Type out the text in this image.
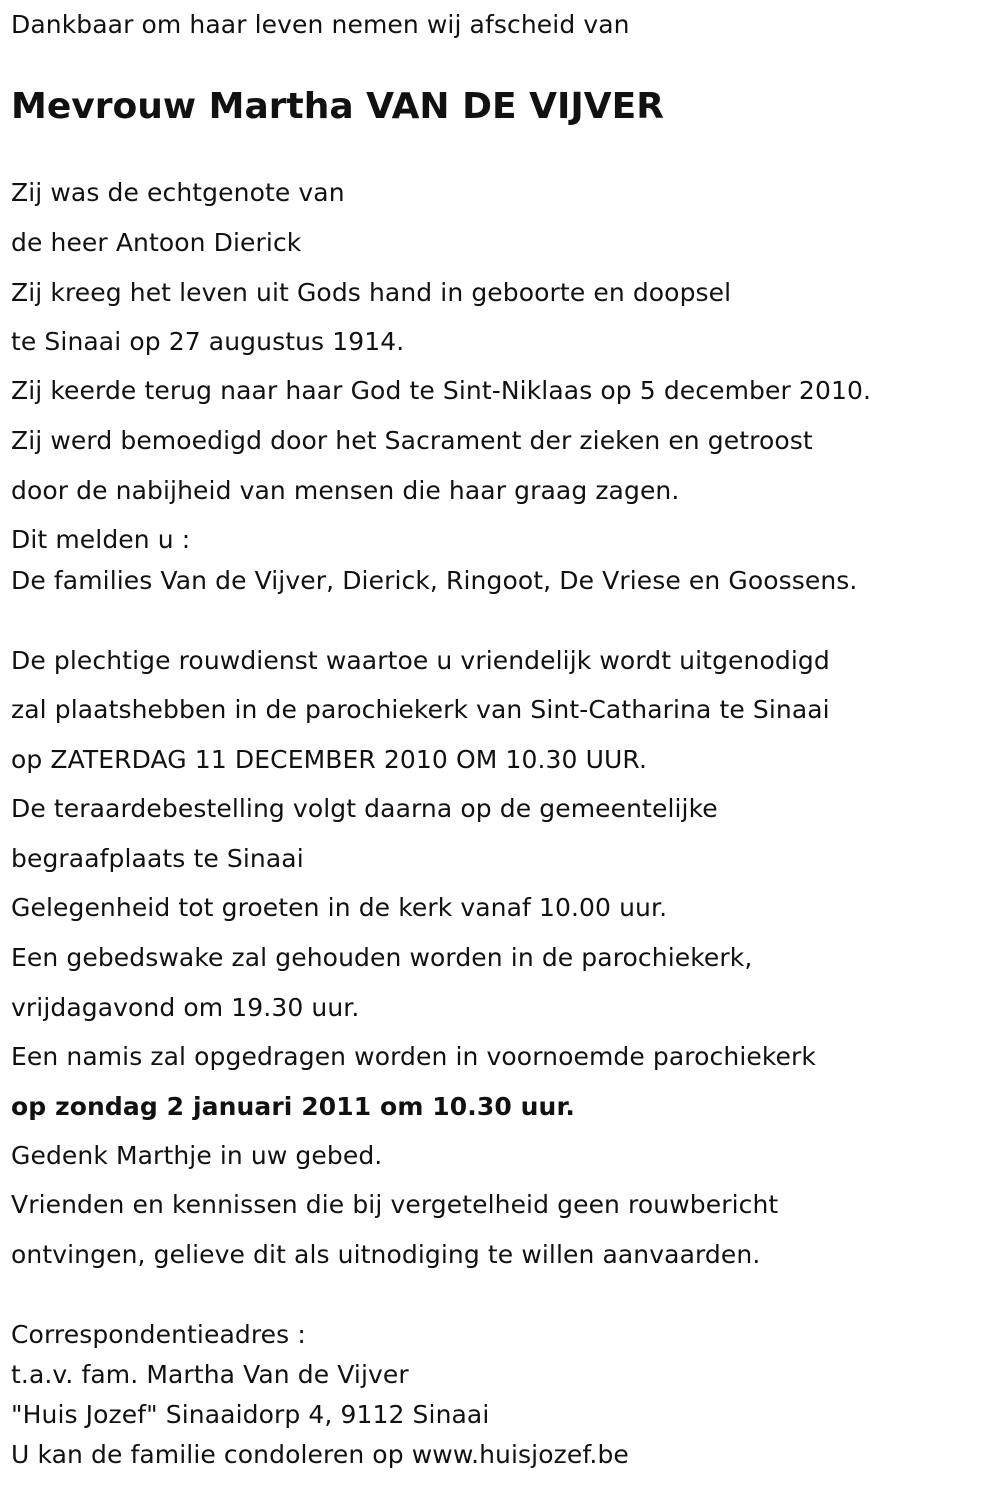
Dankbaar om haar leven nemen wij afscheid van
Mevrouw Martha VAN DE VIJVER
Zij was de echtgenote van
de heer Antoon Dierick
Zij kreeg het leven uit Gods hand in geboorte en doopsel
te Sinaai op 27 augustus 1914.
Zij keerde terug naar haar God te Sint-Niklaas op 5 december 2010.
Zij werd bemoedigd door het Sacrament der zieken en getroost
door de nabijheid van mensen die haar graag zagen.
Dit melden u :
De families Van de Vijver, Dierick, Ringoot, De Vriese en Goossens.
De plechtige rouwdienst waartoe u vriendelijk wordt uitgenodigd
zal plaatshebben in de parochiekerk van Sint-Catharina te Sinaai
op ZATERDAG 11 DECEMBER 2010 OM 10.30 UUR.
De teraardebestelling volgt daarna op de gemeentelijke
begraafplaats te Sinaai
Gelegenheid tot groeten in de kerk vanaf 10.00 uur.
Een gebedswake zal gehouden worden in de parochiekerk,
vrijdagavond om 19.30 uur.
Een namis zal opgedragen worden in voornoemde parochiekerk
op zondag 2 januari 2011 om 10.30 uur.
Gedenk Marthje in uw gebed.
Vrienden en kennissen die bij vergetelheid geen rouwbericht
ontvingen, gelieve dit als uitnodiging te willen aanvaarden.
Correspondentieadres :
t.a.v. fam. Martha Van de Vijver
"Huis Jozef" Sinaaidorp 4, 9112 Sinaai
U kan de familie condoleren op www.huisjozef.be
